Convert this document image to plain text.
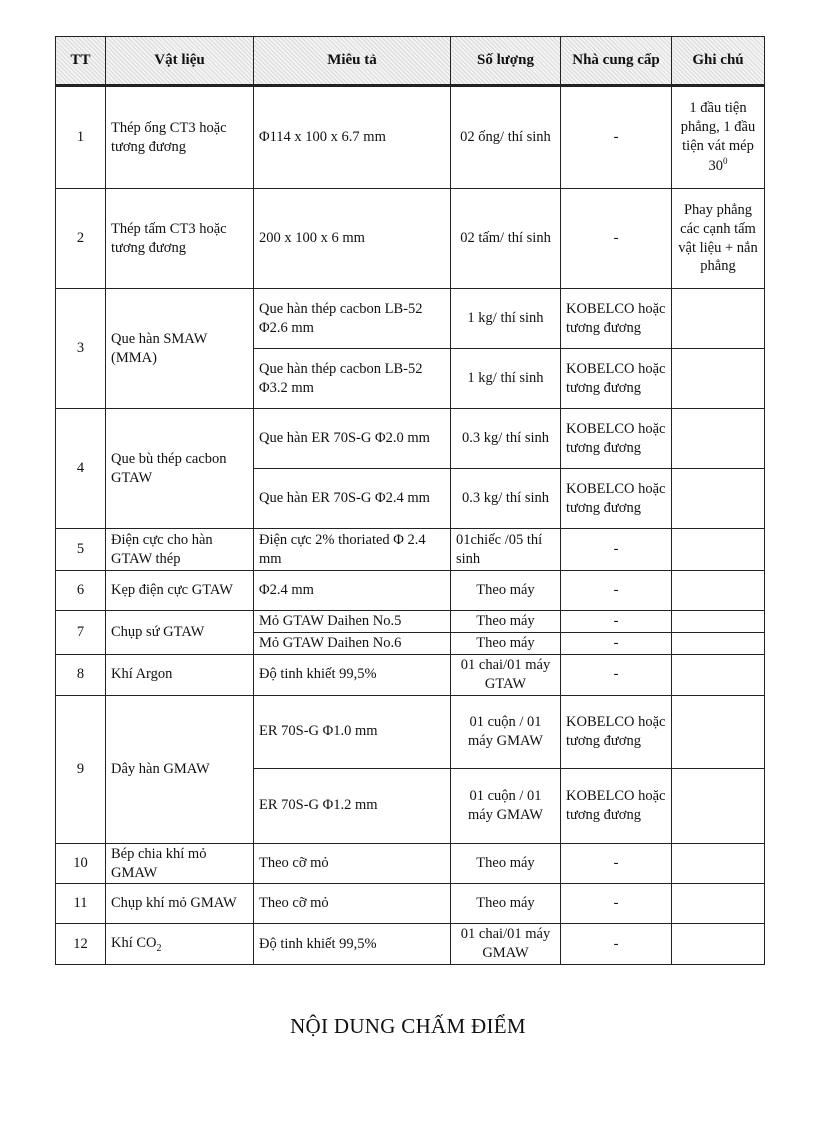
TT	Vật liệu	Miêu tả	Số lượng	Nhà cung cấp	Ghi chú
1	Thép ống CT3 hoặc tương đương	Φ114 x 100 x 6.7 mm	02 ống/ thí sinh	-	1 đầu tiện phẳng, 1 đầu tiện vát mép $30^0$
2	Thép tấm CT3 hoặc tương đương	200 x 100 x 6 mm	02 tấm/ thí sinh	-	Phay phẳng các cạnh tấm vật liệu + nắn phẳng
3	Que hàn SMAW (MMA)	Que hàn thép cacbon LB-52 Φ2.6 mm	1 kg/ thí sinh	KOBELCO hoặc tương đương	
		Que hàn thép cacbon LB-52 Φ3.2 mm	1 kg/ thí sinh	KOBELCO hoặc tương đương	
4	Que bù thép cacbon GTAW	Que hàn ER 70S-G Φ2.0 mm	0.3 kg/ thí sinh	KOBELCO hoặc tương đương	
		Que hàn ER 70S-G Φ2.4 mm	0.3 kg/ thí sinh	KOBELCO hoặc tương đương	
5	Điện cực cho hàn GTAW thép	Điện cực 2% thoriated Φ 2.4 mm	01chiếc /05 thí sinh	-	
6	Kẹp điện cực GTAW	Φ2.4 mm	Theo máy	-	
7	Chụp sứ GTAW	Mỏ GTAW Daihen No.5	Theo máy	-	
		Mỏ GTAW Daihen No.6	Theo máy	-	
8	Khí Argon	Độ tinh khiết 99,5%	01 chai/01 máy GTAW	-	
9	Dây hàn GMAW	ER 70S-G Φ1.0 mm	01 cuộn / 01 máy GMAW	KOBELCO hoặc tương đương	
		ER 70S-G Φ1.2 mm	01 cuộn / 01 máy GMAW	KOBELCO hoặc tương đương	
10	Bép chia khí mỏ GMAW	Theo cỡ mỏ	Theo máy	-	
11	Chụp khí mỏ GMAW	Theo cỡ mỏ	Theo máy	-	
12	Khí $CO_2$	Độ tinh khiết 99,5%	01 chai/01 máy GMAW	-	
NỘI DUNG CHẤM ĐIỂM
